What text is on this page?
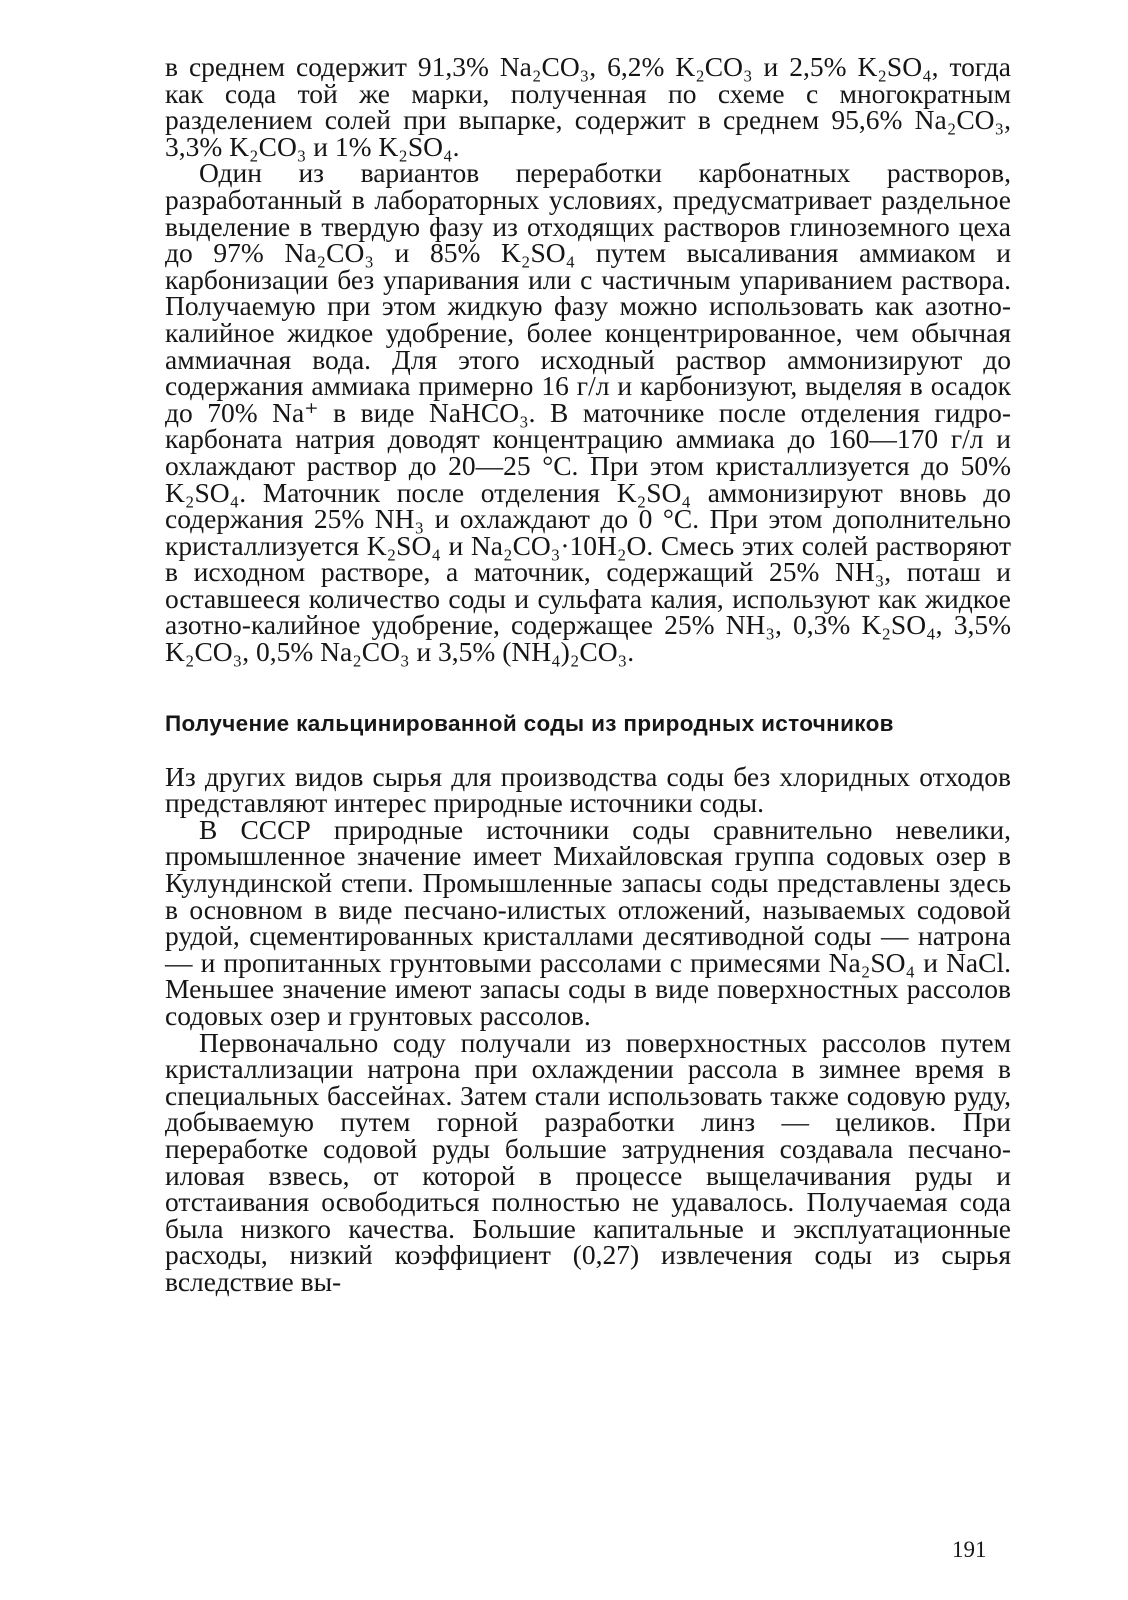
в среднем содержит 91,3% Na₂CO₃, 6,2% K₂CO₃ и 2,5% K₂SO₄, тогда как сода той же марки, полученная по схеме с многократным разделением солей при выпарке, содержит в среднем 95,6% Na₂CO₃, 3,3% K₂CO₃ и 1% K₂SO₄.

Один из вариантов переработки карбонатных растворов, разработанный в лабораторных условиях, предусматривает раздельное выделение в твердую фазу из отходящих растворов глиноземного цеха до 97% Na₂CO₃ и 85% K₂SO₄ путем высаливания аммиаком и карбонизации без упаривания или с частичным упариванием раствора. Получаемую при этом жидкую фазу можно использовать как азотно-калийное жидкое удобрение, более концентрированное, чем обычная аммиачная вода. Для этого исходный раствор аммонизируют до содержания аммиака примерно 16 г/л и карбонизуют, выделяя в осадок до 70% Na⁺ в виде NaHCO₃. В маточнике после отделения гидрокарбоната натрия доводят концентрацию аммиака до 160—170 г/л и охлаждают раствор до 20—25 °C. При этом кристаллизуется до 50% K₂SO₄. Маточник после отделения K₂SO₄ аммонизируют вновь до содержания 25% NH₃ и охлаждают до 0 °C. При этом дополнительно кристаллизуется K₂SO₄ и Na₂CO₃·10H₂O. Смесь этих солей растворяют в исходном растворе, а маточник, содержащий 25% NH₃, поташ и оставшееся количество соды и сульфата калия, используют как жидкое азотно-калийное удобрение, содержащее 25% NH₃, 0,3% K₂SO₄, 3,5% K₂CO₃, 0,5% Na₂CO₃ и 3,5% (NH₄)₂CO₃.

Получение кальцинированной соды из природных источников

Из других видов сырья для производства соды без хлоридных отходов представляют интерес природные источники соды.

В СССР природные источники соды сравнительно невелики, промышленное значение имеет Михайловская группа содовых озер в Кулундинской степи. Промышленные запасы соды представлены здесь в основном в виде песчано-илистых отложений, называемых содовой рудой, сцементированных кристаллами десятиводной соды — натрона — и пропитанных грунтовыми рассолами с примесями Na₂SO₄ и NaCl. Меньшее значение имеют запасы соды в виде поверхностных рассолов содовых озер и грунтовых рассолов.

Первоначально соду получали из поверхностных рассолов путем кристаллизации натрона при охлаждении рассола в зимнее время в специальных бассейнах. Затем стали использовать также содовую руду, добываемую путем горной разработки линз — целиков. При переработке содовой руды большие затруднения создавала песчано-иловая взвесь, от которой в процессе выщелачивания руды и отстаивания освободиться полностью не удавалось. Получаемая сода была низкого качества. Большие капитальные и эксплуатационные расходы, низкий коэффициент (0,27) извлечения соды из сырья вследствие вы-

191
